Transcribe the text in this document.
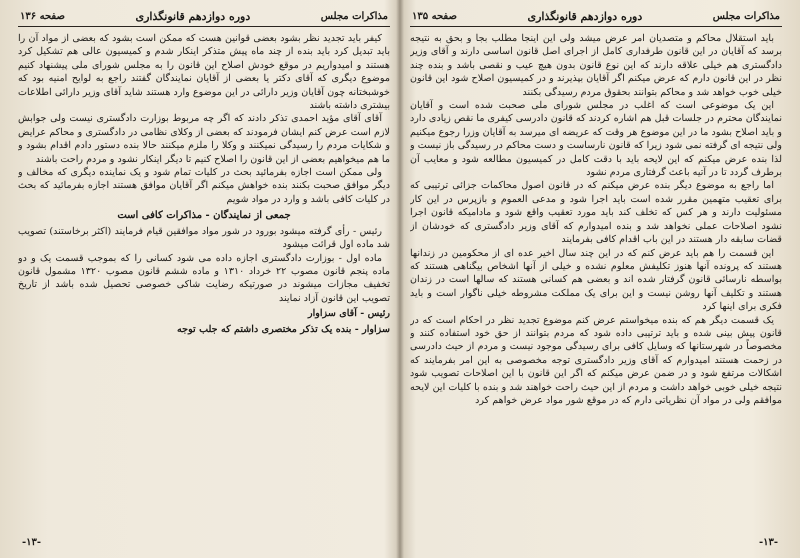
مذاکرات مجلس
دوره دوازدهم قانونگذاری
صفحه ۱۳۶

کیفر باید تجدید نظر بشود بعضی قوانین هست که ممکن است بشود که بعضی از مواد آن را باید تبدیل کرد باید بنده از چند ماه پیش متذکر اینکار شدم و کمیسیون عالی هم تشکیل کرد هستند و امیدواریم در موقع خودش اصلاح این قانون را به مجلس شورای ملی پیشنهاد کنیم موضوع دیگری که آقای دکتر یا بعضی از آقایان نمایندگان گفتند راجع به لوایح امنیه بود که خوشبختانه چون آقایان وزیر دارائی در این موضوع وارد هستند شاید آقای وزیر دارائی اطلاعات بیشتری داشته باشند

آقای آقای مؤید احمدی تذکر دادند که اگر چه مربوط بوزارت دادگستری نیست ولی جوابش لازم است عرض کنم ایشان فرمودند که بعضی از وکلای نظامی در دادگستری و محاکم عرایض و شکایات مردم را رسیدگی نمیکنند و وکلا را ملزم میکنند حالا بنده دستور دادم اقدام بشود و ما هم میخواهیم بعضی از این قانون را اصلاح کنیم تا دیگر اینکار نشود و مردم راحت باشند

ولی ممکن است اجازه بفرمائید بحث در کلیات تمام شود و یک نماینده دیگری که مخالف و دیگر موافق صحبت بکنند بنده خواهش میکنم اگر آقایان موافق هستند اجازه بفرمائید که بحث در کلیات کافی باشد و وارد در مواد شویم

جمعی از نمایندگان - مذاکرات کافی است

رئیس - رأی گرفته میشود بورود در شور مواد موافقین قیام فرمایند (اکثر برخاستند) تصویب شد ماده اول قرائت میشود

ماده اول - بوزارت دادگستری اجازه داده می شود کسانی را که بموجب قسمت یک و دو ماده پنجم قانون مصوب ۲۲ خرداد ۱۳۱۰ و ماده ششم قانون مصوب ۱۳۲۰ مشمول قانون تخفیف مجازات میشوند در صورتیکه رضایت شاکی خصوصی تحصیل شده باشد از تاریخ تصویب این قانون آزاد نمایند

رئیس - آقای سزاوار
سزاوار - بنده یک تذکر مختصری داشتم که جلب توجه
-۱۳-
مذاکرات مجلس
دوره دوازدهم قانونگذاری
صفحه ۱۳۵

باید استقلال محاکم و متصدیان امر عرض میشد ولی این اینجا مطلب بجا و بحق به نتیجه برسد که آقایان در این قانون طرفداری کامل از اجرای اصل قانون اساسی دارند و آقای وزیر دادگستری هم خیلی علاقه دارند که این نوع قانون بدون هیچ عیب و نقصی باشد و بنده چند نظر در این قانون دارم که عرض میکنم اگر آقایان بپذیرند و در کمیسیون اصلاح شود این قانون خیلی خوب خواهد شد و محاکم بتوانند بحقوق مردم رسیدگی بکنند

این یک موضوعی است که اغلب در مجلس شورای ملی صحبت شده است و آقایان نمایندگان محترم در جلسات قبل هم اشاره کردند که قانون دادرسی کیفری ما نقص زیادی دارد و باید اصلاح بشود ما در این موضوع هر وقت که عریضه ای میرسد به آقایان وزرا رجوع میکنیم ولی نتیجه ای گرفته نمی شود زیرا که قانون نارساست و دست محاکم در رسیدگی باز نیست و لذا بنده عرض میکنم که این لایحه باید با دقت کامل در کمیسیون مطالعه شود و معایب آن برطرف گردد تا در آتیه باعث گرفتاری مردم نشود

اما راجع به موضوع دیگر بنده عرض میکنم که در قانون اصول محاکمات جزائی ترتیبی که برای تعقیب متهمین مقرر شده است باید اجرا شود و مدعی العموم و بازپرس در این کار مسئولیت دارند و هر کس که تخلف کند باید مورد تعقیب واقع شود و مادامیکه قانون اجرا نشود اصلاحات عملی نخواهد شد و بنده امیدوارم که آقای وزیر دادگستری که خودشان از قضات سابقه دار هستند در این باب اقدام کافی بفرمایند

این قسمت را هم باید عرض کنم که در این چند سال اخیر عده ای از محکومین در زندانها هستند که پرونده آنها هنوز تکلیفش معلوم نشده و خیلی از آنها اشخاص بیگناهی هستند که بواسطه نارسائی قانون گرفتار شده اند و بعضی هم کسانی هستند که سالها است در زندان هستند و تکلیف آنها روشن نیست و این برای یک مملکت مشروطه خیلی ناگوار است و باید فکری برای اینها کرد

یک قسمت دیگر هم که بنده میخواستم عرض کنم موضوع تجدید نظر در احکام است که در قانون پیش بینی شده و باید ترتیبی داده شود که مردم بتوانند از حق خود استفاده کنند و مخصوصاً در شهرستانها که وسایل کافی برای رسیدگی موجود نیست و مردم از حیث دادرسی در زحمت هستند امیدوارم که آقای وزیر دادگستری توجه مخصوصی به این امر بفرمایند که اشکالات مرتفع شود و در ضمن عرض میکنم که اگر این قانون با این اصلاحات تصویب شود نتیجه خیلی خوبی خواهد داشت و مردم از این حیث راحت خواهند شد و بنده با کلیات این لایحه موافقم ولی در مواد آن نظریاتی دارم که در موقع شور مواد عرض خواهم کرد

-۱۳-
